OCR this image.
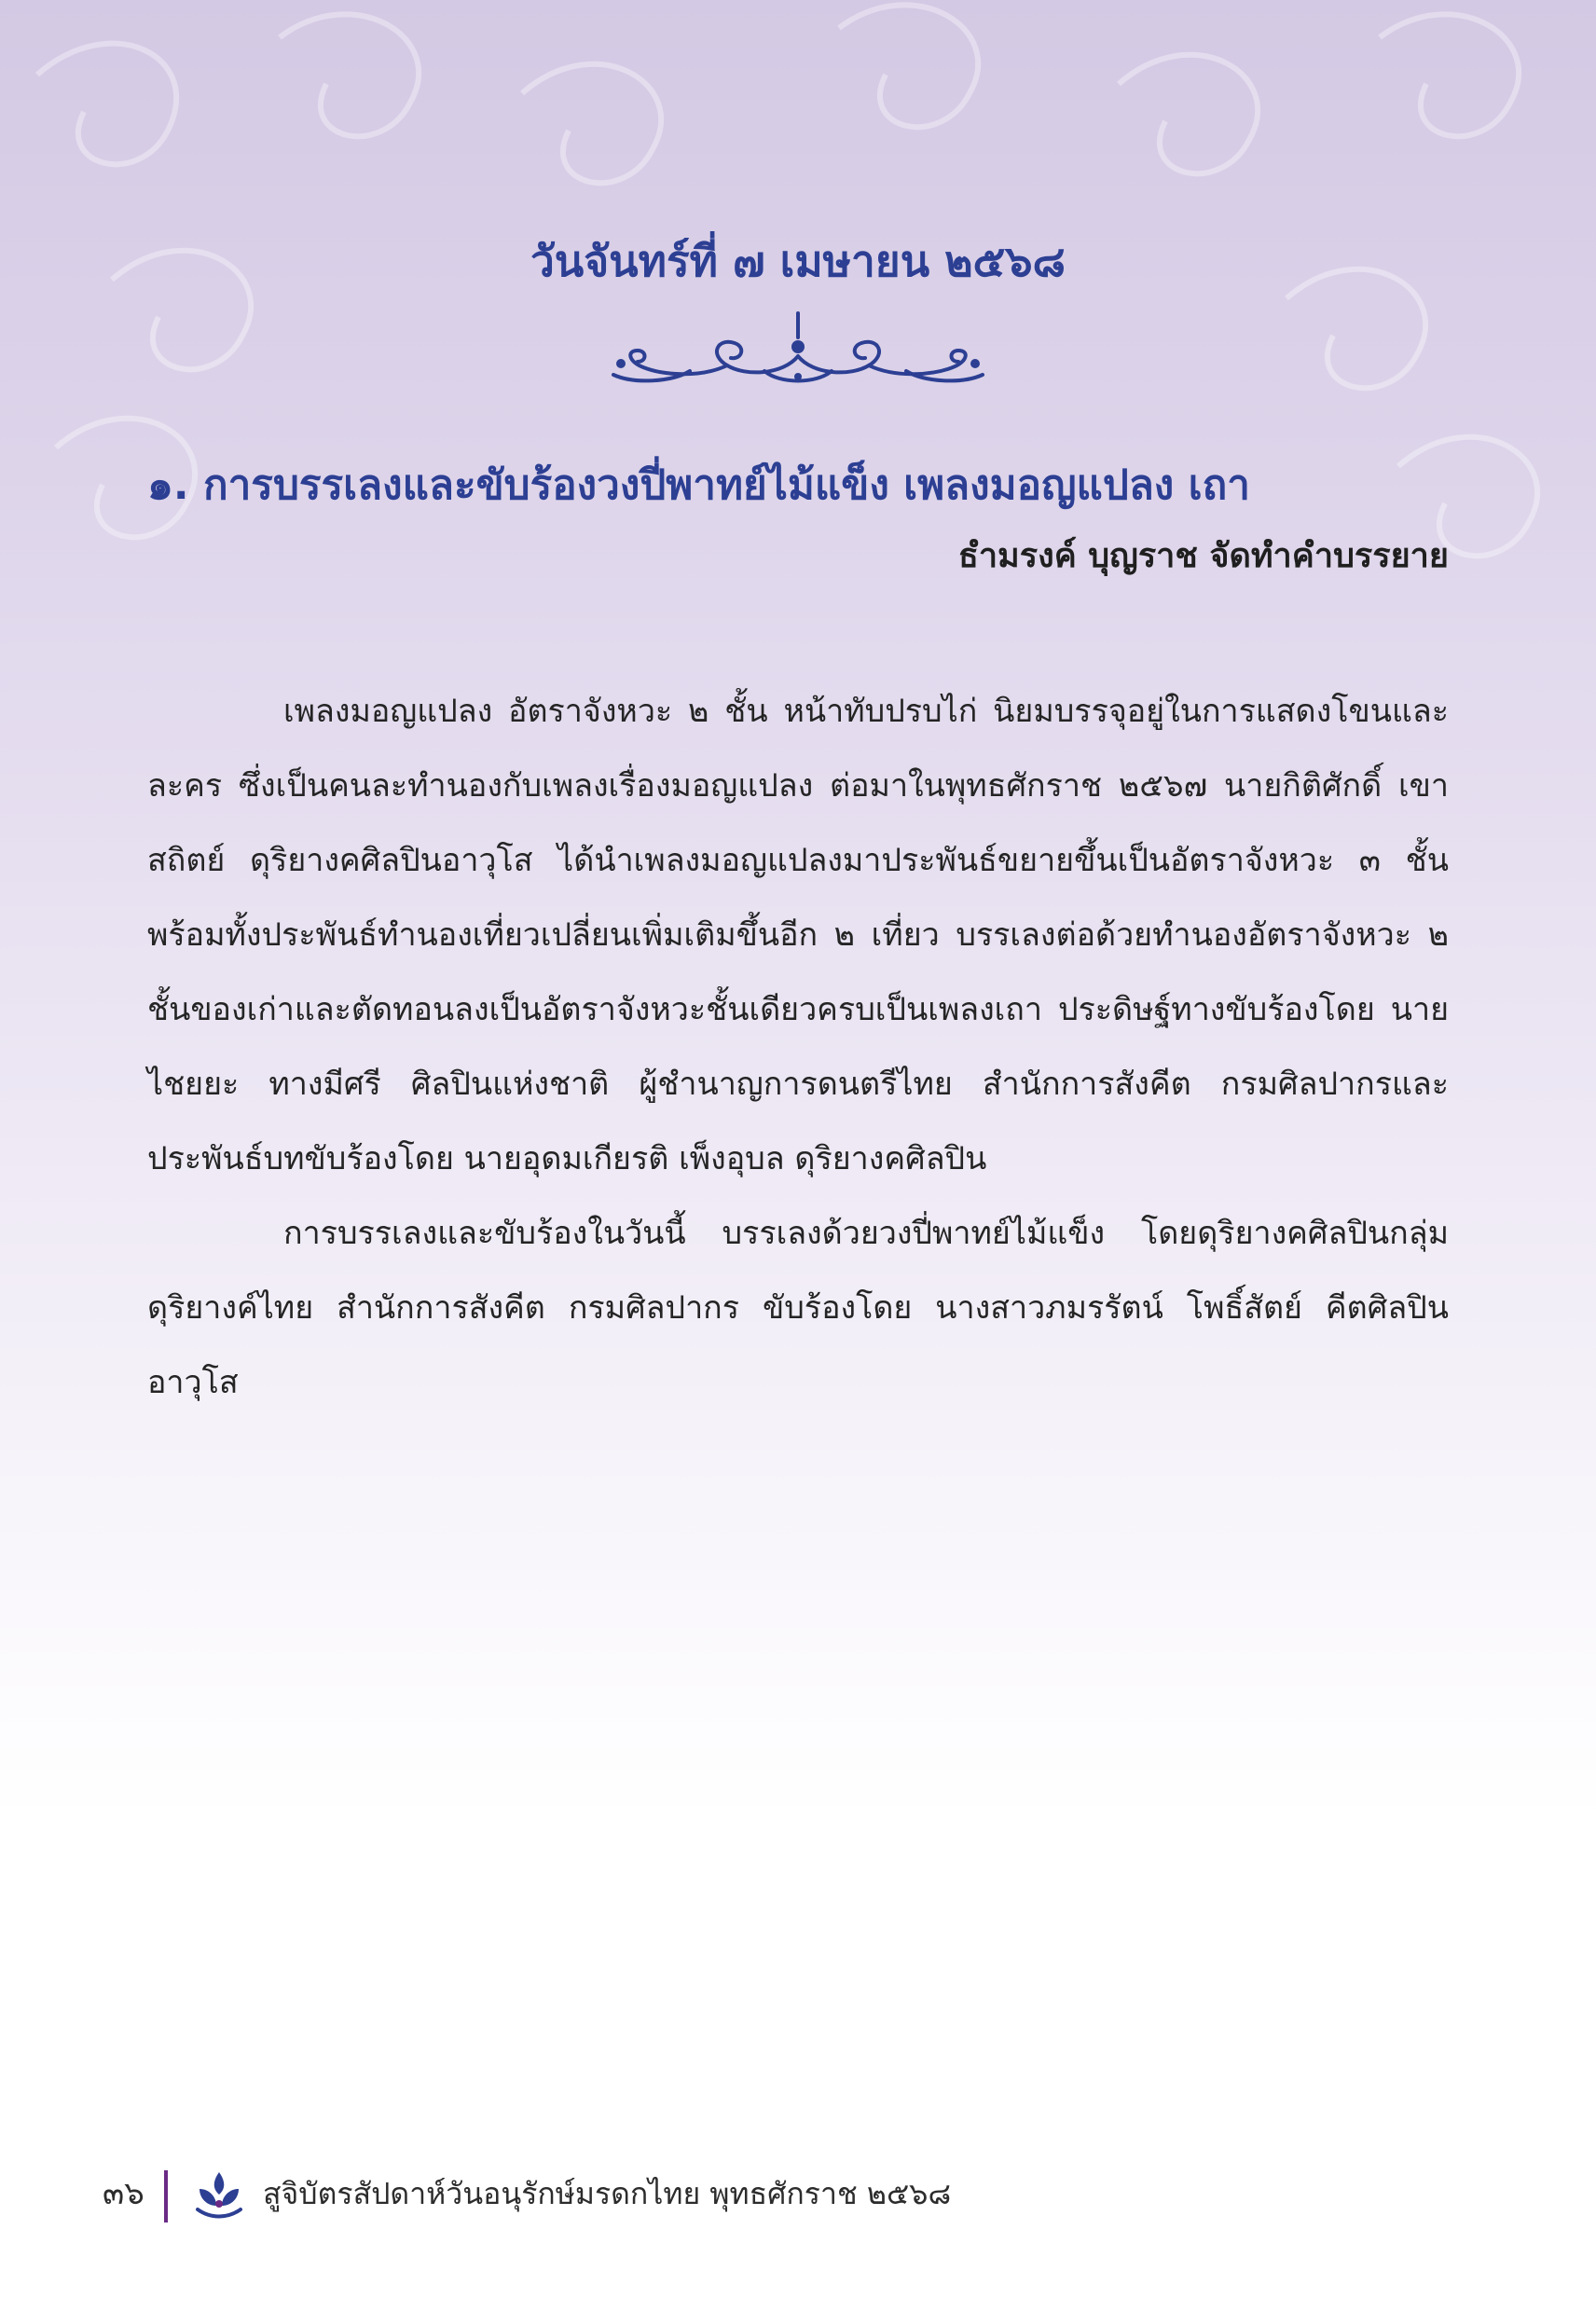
วันจันทร์ที่ ๗ เมษายน ๒๕๖๘
๑. การบรรเลงและขับร้องวงปี่พาทย์ไม้แข็ง เพลงมอญแปลง เถา
ธำมรงค์ บุญราช จัดทำคำบรรยาย

เพลงมอญแปลง อัตราจังหวะ ๒ ชั้น หน้าทับปรบไก่ นิยมบรรจุอยู่ในการแสดงโขนและละคร ซึ่งเป็นคนละทำนองกับเพลงเรื่องมอญแปลง ต่อมาในพุทธศักราช ๒๕๖๗ นายกิติศักดิ์ เขาสถิตย์ ดุริยางคศิลปินอาวุโส ได้นำเพลงมอญแปลงมาประพันธ์ขยายขึ้นเป็นอัตราจังหวะ ๓ ชั้น พร้อมทั้งประพันธ์ทำนองเที่ยวเปลี่ยนเพิ่มเติมขึ้นอีก ๒ เที่ยว บรรเลงต่อด้วยทำนองอัตราจังหวะ ๒ ชั้นของเก่าและตัดทอนลงเป็นอัตราจังหวะชั้นเดียวครบเป็นเพลงเถา ประดิษฐ์ทางขับร้องโดย นายไชยยะ ทางมีศรี ศิลปินแห่งชาติ ผู้ชำนาญการดนตรีไทย สำนักการสังคีต กรมศิลปากรและประพันธ์บทขับร้องโดย นายอุดมเกียรติ เพ็งอุบล ดุริยางคศิลปิน

การบรรเลงและขับร้องในวันนี้ บรรเลงด้วยวงปี่พาทย์ไม้แข็ง โดยดุริยางคศิลปินกลุ่มดุริยางค์ไทย สำนักการสังคีต กรมศิลปากร ขับร้องโดย นางสาวภมรรัตน์ โพธิ์สัตย์ คีตศิลปินอาวุโส

๓๖	สูจิบัตรสัปดาห์วันอนุรักษ์มรดกไทย พุทธศักราช ๒๕๖๘
